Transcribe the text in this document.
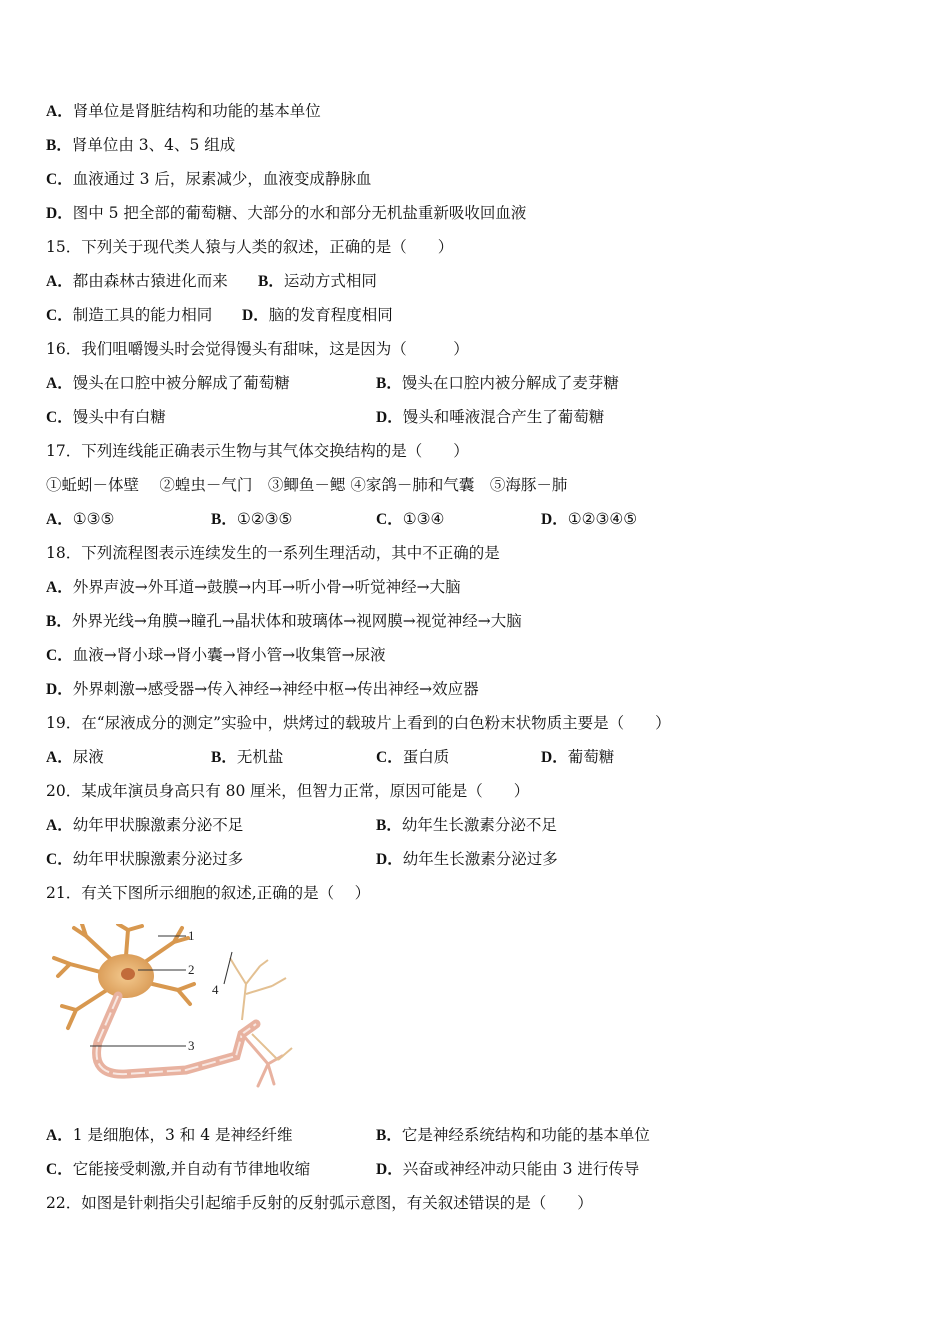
A．肾单位是肾脏结构和功能的基本单位
B．肾单位由 3、4、5 组成
C．血液通过 3 后，尿素减少，血液变成静脉血
D．图中 5 把全部的葡萄糖、大部分的水和部分无机盐重新吸收回血液
15．下列关于现代类人猿与人类的叙述，正确的是（　　）
A．都由森林古猿进化而来 B．运动方式相同
C．制造工具的能力相同 D．脑的发育程度相同
16．我们咀嚼馒头时会觉得馒头有甜味，这是因为（　　　）
A．馒头在口腔中被分解成了葡萄糖	B．馒头在口腔内被分解成了麦芽糖
C．馒头中有白糖	D．馒头和唾液混合产生了葡萄糖
17．下列连线能正确表示生物与其气体交换结构的是（　　）
①蚯蚓－体壁　 ②蝗虫－气门　③鲫鱼－鳃 ④家鸽－肺和气囊　⑤海豚－肺
A．①③⑤	B．①②③⑤	C．①③④	D．①②③④⑤
18．下列流程图表示连续发生的一系列生理活动，其中不正确的是
A．外界声波→外耳道→鼓膜→内耳→听小骨→听觉神经→大脑
B．外界光线→角膜→瞳孔→晶状体和玻璃体→视网膜→视觉神经→大脑
C．血液→肾小球→肾小囊→肾小管→收集管→尿液
D．外界刺激→感受器→传入神经→神经中枢→传出神经→效应器
19．在“尿液成分的测定”实验中，烘烤过的载玻片上看到的白色粉末状物质主要是（　　）
A．尿液	B．无机盐	C．蛋白质	D．葡萄糖
20．某成年演员身高只有 80 厘米，但智力正常，原因可能是（　　）
A．幼年甲状腺激素分泌不足	B．幼年生长激素分泌不足
C．幼年甲状腺激素分泌过多	D．幼年生长激素分泌过多
21．有关下图所示细胞的叙述,正确的是（　 ）
1
2
3
4
A．1 是细胞体，3 和 4 是神经纤维	B．它是神经系统结构和功能的基本单位
C．它能接受刺激,并自动有节律地收缩	D．兴奋或神经冲动只能由 3 进行传导
22．如图是针刺指尖引起缩手反射的反射弧示意图，有关叙述错误的是（　　）
